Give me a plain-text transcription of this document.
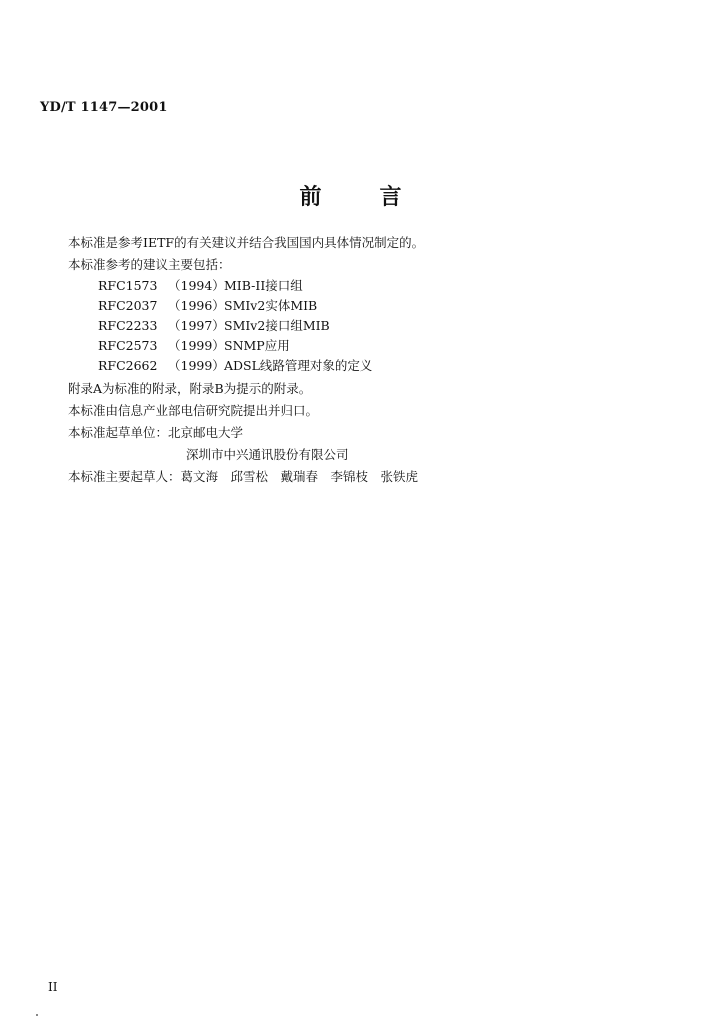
YD/T 1147—2001
前	言
本标准是参考IETF的有关建议并结合我国国内具体情况制定的。
本标准参考的建议主要包括：
RFC1573 （1994） MIB-II接口组
RFC2037 （1996） SMIv2实体MIB
RFC2233 （1997） SMIv2接口组MIB
RFC2573 （1999） SNMP应用
RFC2662 （1999） ADSL线路管理对象的定义
附录A为标准的附录，附录B为提示的附录。
本标准由信息产业部电信研究院提出并归口。
本标准起草单位：北京邮电大学
深圳市中兴通讯股份有限公司
本标准主要起草人：葛文海　邱雪松　戴瑞春　李锦枝　张铁虎
II
